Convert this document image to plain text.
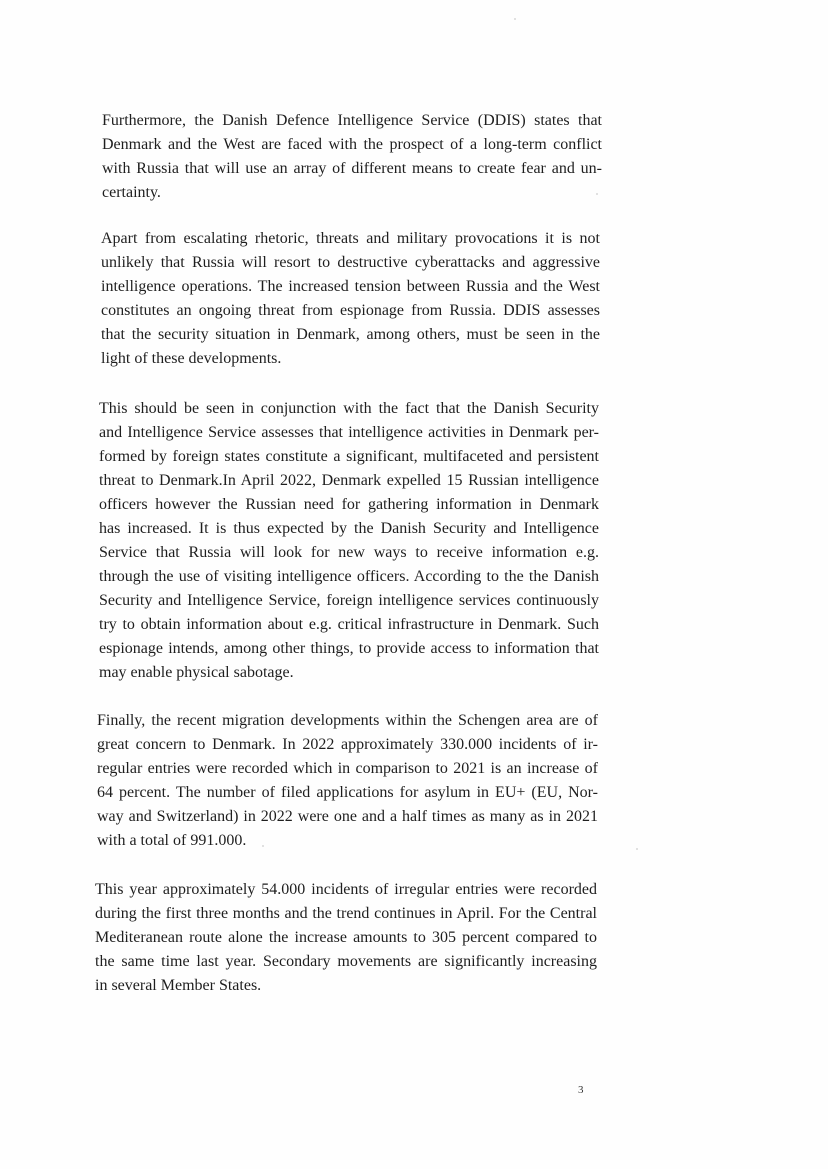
Furthermore, the Danish Defence Intelligence Service (DDIS) states that
Denmark and the West are faced with the prospect of a long-term conflict
with Russia that will use an array of different means to create fear and un-
certainty.

Apart from escalating rhetoric, threats and military provocations it is not
unlikely that Russia will resort to destructive cyberattacks and aggressive
intelligence operations. The increased tension between Russia and the West
constitutes an ongoing threat from espionage from Russia. DDIS assesses
that the security situation in Denmark, among others, must be seen in the
light of these developments.

This should be seen in conjunction with the fact that the Danish Security
and Intelligence Service assesses that intelligence activities in Denmark per-
formed by foreign states constitute a significant, multifaceted and persistent
threat to Denmark.In April 2022, Denmark expelled 15 Russian intelligence
officers however the Russian need for gathering information in Denmark
has increased. It is thus expected by the Danish Security and Intelligence
Service that Russia will look for new ways to receive information e.g.
through the use of visiting intelligence officers. According to the the Danish
Security and Intelligence Service, foreign intelligence services continuously
try to obtain information about e.g. critical infrastructure in Denmark. Such
espionage intends, among other things, to provide access to information that
may enable physical sabotage.

Finally, the recent migration developments within the Schengen area are of
great concern to Denmark. In 2022 approximately 330.000 incidents of ir-
regular entries were recorded which in comparison to 2021 is an increase of
64 percent. The number of filed applications for asylum in EU+ (EU, Nor-
way and Switzerland) in 2022 were one and a half times as many as in 2021
with a total of 991.000.

This year approximately 54.000 incidents of irregular entries were recorded
during the first three months and the trend continues in April. For the Central
Mediteranean route alone the increase amounts to 305 percent compared to
the same time last year. Secondary movements are significantly increasing
in several Member States.

3
